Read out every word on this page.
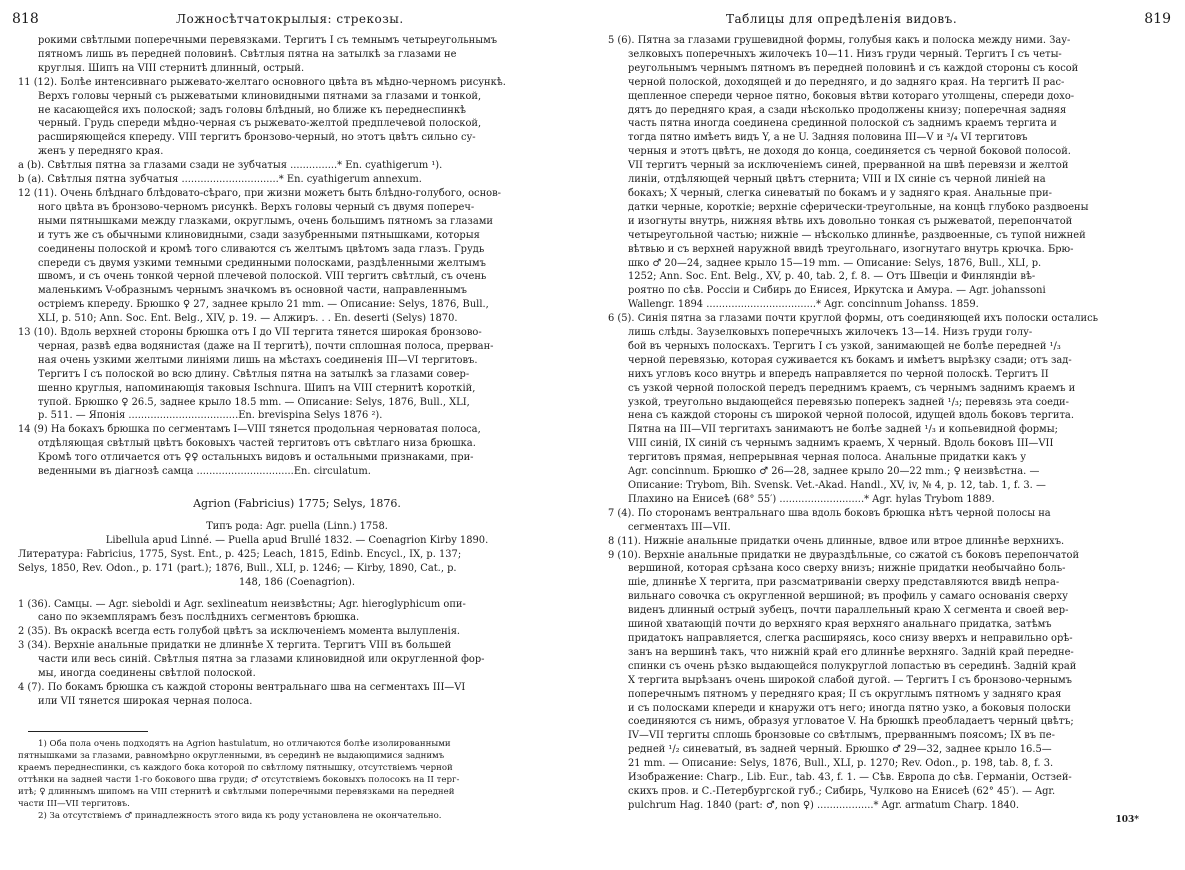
818	Ложносѣтчатокрылыя: стрекозы.
рокими свѣтлыми поперечными перевязками. Тергитъ I съ темнымъ четыреугольнымъ
пятномъ лишь въ передней половинѣ. Свѣтлыя пятна на затылкѣ за глазами не
круглыя. Шипъ на VIII стернитѣ длинный, острый.
11 (12). Болѣе интенсивнаго рыжевато-желтаго основного цвѣта въ мѣдно-черномъ рисункѣ.
Верхъ головы черный съ рыжеватыми клиновидными пятнами за глазами и тонкой,
не касающейся ихъ полоской; задъ головы блѣдный, но ближе къ переднеспинкѣ
черный. Грудь спереди мѣдно-черная съ рыжевато-желтой предплечевой полоской,
расширяющейся кпереду. VIII тергитъ бронзово-черный, но этотъ цвѣтъ сильно су-
женъ у передняго края.
a (b). Свѣтлыя пятна за глазами сзади не зубчатыя ...............* En. cyathigerum ¹).
b (a). Свѣтлыя пятна зубчатыя ...............................* En. cyathigerum annexum.
12 (11). Очень блѣднаго блѣдовато-сѣраго, при жизни можетъ быть блѣдно-голубого, основ-
ного цвѣта въ бронзово-черномъ рисункѣ. Верхъ головы черный съ двумя попереч-
ными пятнышками между глазками, округлымъ, очень большимъ пятномъ за глазами
и тутъ же съ обычными клиновидными, сзади зазубренными пятнышками, которыя
соединены полоской и кромѣ того сливаются съ желтымъ цвѣтомъ зада глазъ. Грудь
спереди съ двумя узкими темными срединными полосками, раздѣленными желтымъ
швомъ, и съ очень тонкой черной плечевой полоской. VIII тергитъ свѣтлый, съ очень
маленькимъ V-образнымъ чернымъ значкомъ въ основной части, направленнымъ
остріемъ кпереду. Брюшко ♀ 27, заднее крыло 21 mm. — Описание: Selys, 1876, Bull.,
XLI, p. 510; Ann. Soc. Ent. Belg., XIV, p. 19. — Алжиръ. . . En. deserti (Selys) 1870.
13 (10). Вдоль верхней стороны брюшка отъ I до VII тергита тянется широкая бронзово-
черная, развѣ едва водянистая (даже на II тергитѣ), почти сплошная полоса, прерван-
ная очень узкими желтыми линіями лишь на мѣстахъ соединенія III—VI тергитовъ.
Тергитъ I съ полоской во всю длину. Свѣтлыя пятна на затылкѣ за глазами совер-
шенно круглыя, напоминающія таковыя Ischnura. Шипъ на VIII стернитѣ короткій,
тупой. Брюшко ♀ 26.5, заднее крыло 18.5 mm. — Описание: Selys, 1876, Bull., XLI,
p. 511. — Японія ...................................En. brevispina Selys 1876 ²).
14 (9) На бокахъ брюшка по сегментамъ I—VIII тянется продольная черноватая полоса,
отдѣляющая свѣтлый цвѣтъ боковыхъ частей тергитовъ отъ свѣтлаго низа брюшка.
Кромѣ того отличается отъ ♀♀ остальныхъ видовъ и остальными признаками, при-
веденными въ діагнозѣ самца ...............................En. circulatum.
Agrion (Fabricius) 1775; Selys, 1876.
Типъ рода: Agr. puella (Linn.) 1758.
Libellula apud Linné. — Puella apud Brullé 1832. — Coenagrion Kirby 1890.
Литература: Fabricius, 1775, Syst. Ent., p. 425; Leach, 1815, Edinb. Encycl., IX, p. 137;
Selys, 1850, Rev. Odon., p. 171 (part.); 1876, Bull., XLI, p. 1246; — Kirby, 1890, Cat., p.
148, 186 (Coenagrion).
1 (36). Самцы. — Agr. sieboldi и Agr. sexlineatum неизвѣстны; Agr. hieroglyphicum опи-
сано по экземплярамъ безъ послѣднихъ сегментовъ брюшка.
2 (35). Въ окраскѣ всегда есть голубой цвѣтъ за исключеніемъ момента вылупленія.
3 (34). Верхніе анальные придатки не длиннѣе X тергита. Тергитъ VIII въ большей
части или весь синій. Свѣтлыя пятна за глазами клиновидной или округленной фор-
мы, иногда соединены свѣтлой полоской.
4 (7). По бокамъ брюшка съ каждой стороны вентральнаго шва на сегментахъ III—VI
или VII тянется широкая черная полоса.
1) Оба пола очень подходятъ на Agrion hastulatum, но отличаются болѣе изолированными
пятнышками за глазами, равномѣрно округленными, въ серединѣ не выдающимися заднимъ
краемъ переднеспинки, съ каждого бока которой по свѣтлому пятнышку, отсутствіемъ черной
оттѣнки на задней части 1-го бокового шва груди; ♂ отсутствіемъ боковыхъ полосокъ на II терг-
итѣ; ♀ длиннымъ шипомъ на VIII стернитѣ и свѣтлыми поперечными перевязками на передней
части III—VII тергитовъ.
2) За отсутствіемъ ♂ принадлежность этого вида къ роду установлена не окончательно.
Таблицы для опредѣленія видовъ.	819
5 (6). Пятна за глазами грушевидной формы, голубыя какъ и полоска между ними. Зау-
зелковыхъ поперечныхъ жилочекъ 10—11. Низъ груди черный. Тергитъ I съ четы-
реугольнымъ чернымъ пятномъ въ передней половинѣ и съ каждой стороны съ косой
черной полоской, доходящей и до передняго, и до задняго края. На тергитѣ II рас-
щепленное спереди черное пятно, боковыя вѣтви котораго утолщены, спереди дохо-
дятъ до передняго края, а сзади нѣсколько продолжены книзу; поперечная задняя
часть пятна иногда соединена срединной полоской съ заднимъ краемъ тергита и
тогда пятно имѣетъ видъ Y, а не U. Задняя половина III—V и ³/₄ VI тергитовъ
черныя и этотъ цвѣтъ, не доходя до конца, соединяется съ черной боковой полосой.
VII тергитъ черный за исключеніемъ синей, прерванной на швѣ перевязи и желтой
линіи, отдѣляющей черный цвѣтъ стернита; VIII и IX синіе съ черной линіей на
бокахъ; X черный, слегка синеватый по бокамъ и у задняго края. Анальные при-
датки черные, короткіе; верхніе сферически-треугольные, на концѣ глубоко раздвоены
и изогнуты внутрь, нижняя вѣтвь ихъ довольно тонкая съ рыжеватой, перепончатой
четыреугольной частью; нижніе — нѣсколько длиннѣе, раздвоенные, съ тупой нижней
вѣтвью и съ верхней наружной ввидѣ треугольнаго, изогнутаго внутрь крючка. Брю-
шко ♂ 20—24, заднее крыло 15—19 mm. — Описание: Selys, 1876, Bull., XLI, p.
1252; Ann. Soc. Ent. Belg., XV, p. 40, tab. 2, f. 8. — Отъ Швеціи и Финляндіи вѣ-
роятно по сѣв. Россіи и Сибирь до Енисея, Иркутска и Амура. — Agr. johanssoni
Wallengr. 1894 ...................................* Agr. concinnum Johanss. 1859.
6 (5). Синія пятна за глазами почти круглой формы, отъ соединяющей ихъ полоски остались
лишь слѣды. Заузелковыхъ поперечныхъ жилочекъ 13—14. Низъ груди голу-
бой въ черныхъ полоскахъ. Тергитъ I съ узкой, занимающей не болѣе передней ¹/₃
черной перевязью, которая суживается къ бокамъ и имѣетъ вырѣзку сзади; отъ зад-
нихъ угловъ косо внутрь и впередъ направляется по черной полоскѣ. Тергитъ II
съ узкой черной полоской передъ переднимъ краемъ, съ чернымъ заднимъ краемъ и
узкой, треугольно выдающейся перевязью поперекъ задней ¹/₃; перевязь эта соеди-
нена съ каждой стороны съ широкой черной полосой, идущей вдоль боковъ тергита.
Пятна на III—VII тергитахъ занимаютъ не болѣе задней ¹/₃ и копьевидной формы;
VIII синій, IX синій съ чернымъ заднимъ краемъ, X черный. Вдоль боковъ III—VII
тергитовъ прямая, непрерывная черная полоса. Анальные придатки какъ у
Agr. concinnum. Брюшко ♂ 26—28, заднее крыло 20—22 mm.; ♀ неизвѣстна. —
Описание: Trybom, Bih. Svensk. Vet.-Akad. Handl., XV, iv, № 4, p. 12, tab. 1, f. 3. —
Плахино на Енисеѣ (68° 55′) ...........................* Agr. hylas Trybom 1889.
7 (4). По сторонамъ вентральнаго шва вдоль боковъ брюшка нѣтъ черной полосы на
сегментахъ III—VII.
8 (11). Нижніе анальные придатки очень длинные, вдвое или втрое длиннѣе верхнихъ.
9 (10). Верхніе анальные придатки не двураздѣльные, со сжатой съ боковъ перепончатой
вершиной, которая срѣзана косо сверху внизъ; нижніе придатки необычайно боль-
шіе, длиннѣе X тергита, при разсматриваніи сверху представляются ввидѣ непра-
вильнаго совочка съ округленной вершиной; въ профиль у самаго основанія сверху
виденъ длинный острый зубецъ, почти параллельный краю X сегмента и своей вер-
шиной хватающій почти до верхняго края верхняго анальнаго придатка, затѣмъ
придатокъ направляется, слегка расширяясь, косо снизу вверхъ и неправильно орѣ-
занъ на вершинѣ такъ, что нижній край его длиннѣе верхняго. Задній край передне-
спинки съ очень рѣзко выдающейся полукруглой лопастью въ серединѣ. Задній край
X тергита вырѣзанъ очень широкой слабой дугой. — Тергитъ I съ бронзово-чернымъ
поперечнымъ пятномъ у передняго края; II съ округлымъ пятномъ у задняго края
и съ полосками кпереди и кнаружи отъ него; иногда пятно узко, а боковыя полоски
соединяются съ нимъ, образуя угловатое V. На брюшкѣ преобладаетъ черный цвѣтъ;
IV—VII тергиты сплошь бронзовые со свѣтлымъ, прерваннымъ поясомъ; IX въ пе-
редней ¹/₂ синеватый, въ задней черный. Брюшко ♂ 29—32, заднее крыло 16.5—
21 mm. — Описание: Selys, 1876, Bull., XLI, p. 1270; Rev. Odon., p. 198, tab. 8, f. 3.
Изображение: Charp., Lib. Eur., tab. 43, f. 1. — Сѣв. Европа до сѣв. Германіи, Остзей-
скихъ пров. и С.-Петербургской губ.; Сибирь, Чулково на Енисеѣ (62° 45′). — Agr.
pulchrum Hag. 1840 (part: ♂, non ♀) ..................* Agr. armatum Charp. 1840.
103*
